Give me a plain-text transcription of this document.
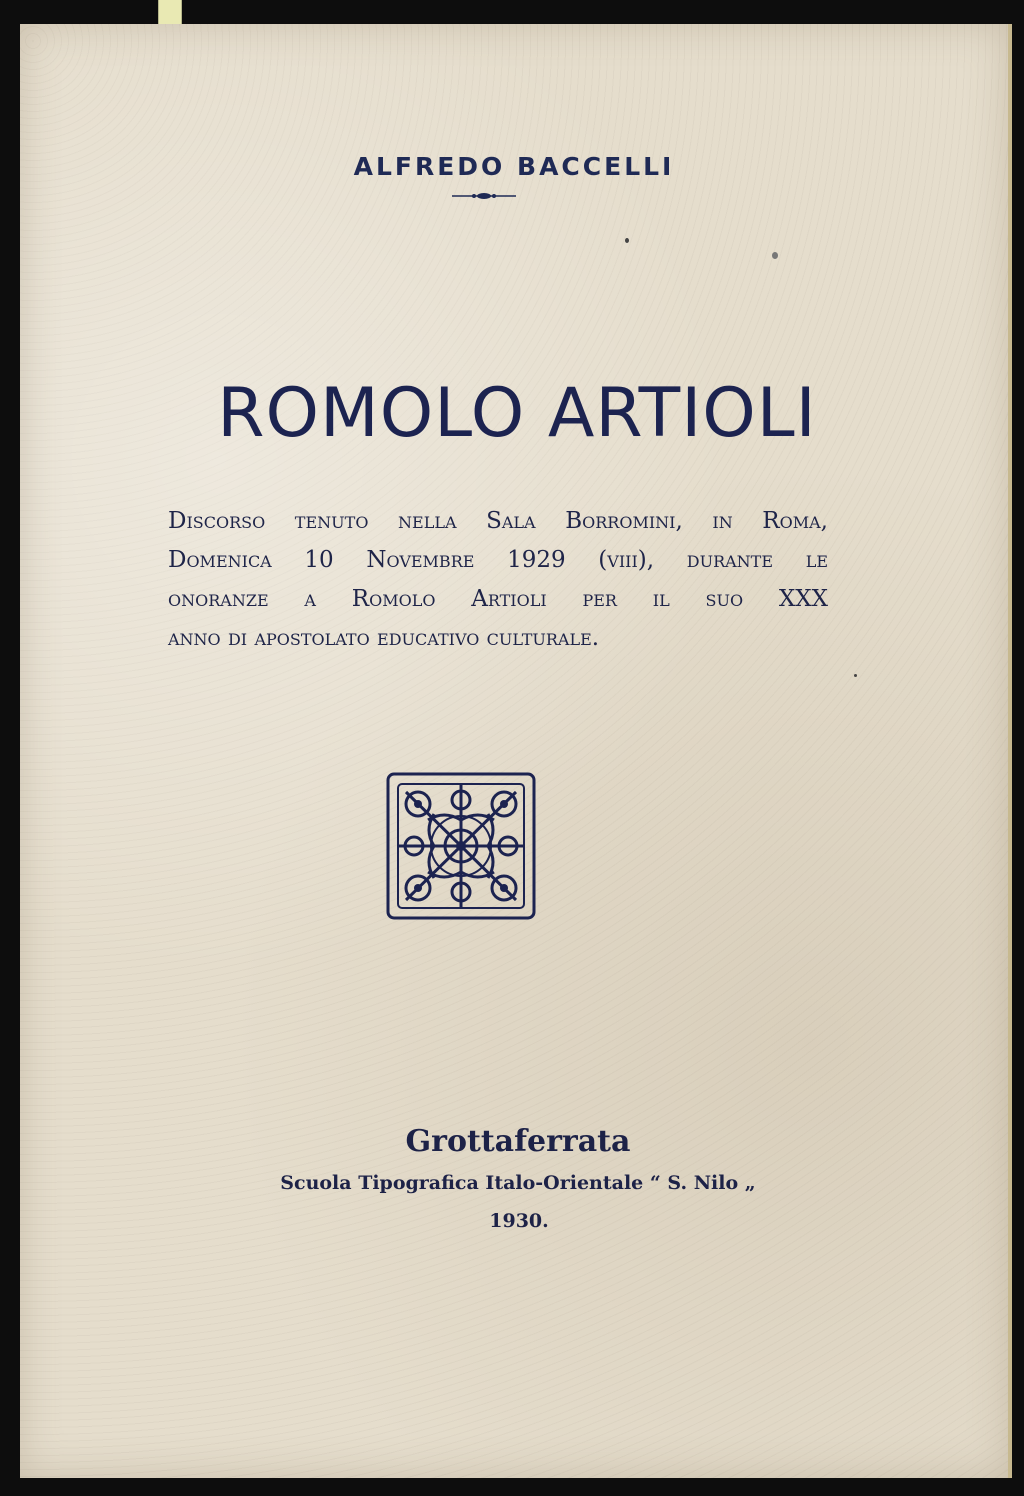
ALFREDO BACCELLI
ROMOLO ARTIOLI
Discorso tenuto nella Sala Borromini, in Roma,
Domenica 10 Novembre 1929 (viii), durante le
onoranze a Romolo Artioli per il suo XXX
anno di apostolato educativo culturale.
Grottaferrata
Scuola Tipografica Italo-Orientale “ S. Nilo „
1930.
